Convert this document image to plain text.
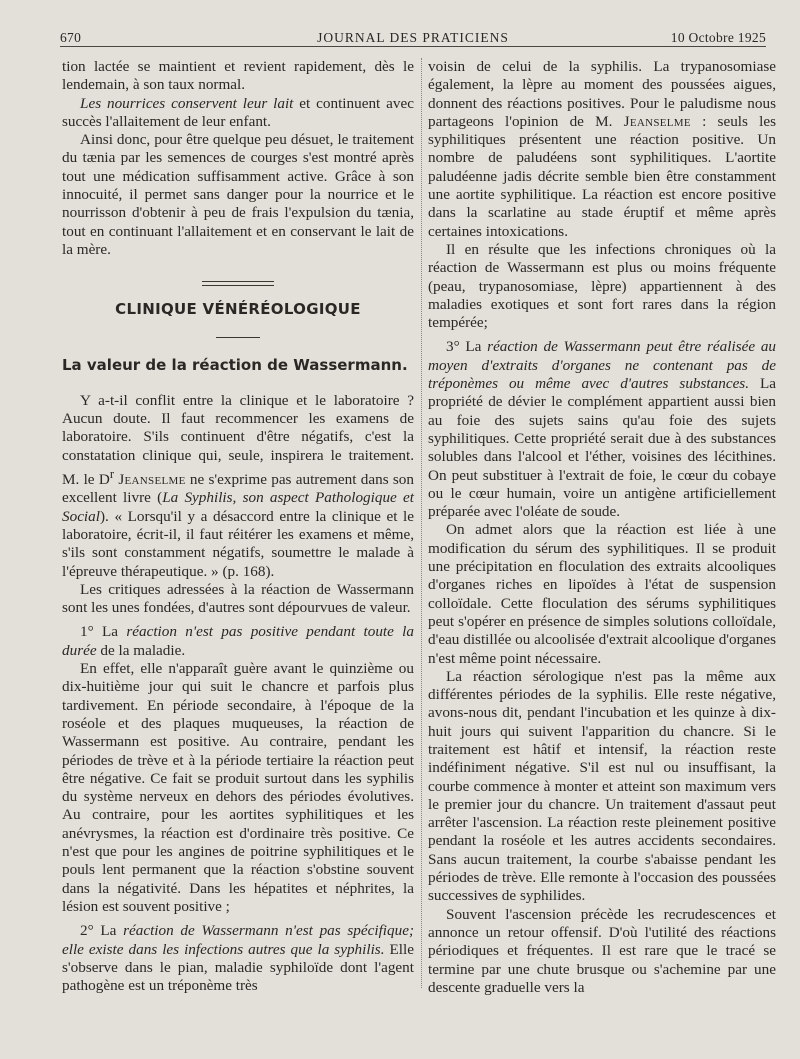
670	JOURNAL DES PRATICIENS	10 Octobre 1925

tion lactée se maintient et revient rapidement, dès le lendemain, à son taux normal.

Les nourrices conservent leur lait et continuent avec succès l'allaitement de leur enfant.

Ainsi donc, pour être quelque peu désuet, le traitement du tænia par les semences de courges s'est montré après tout une médication suffisamment active. Grâce à son innocuité, il permet sans danger pour la nourrice et le nourrisson d'obtenir à peu de frais l'expulsion du tænia, tout en continuant l'allaitement et en conservant le lait de la mère.

CLINIQUE VÉNÉRÉOLOGIQUE
La valeur de la réaction de Wassermann.

Y a-t-il conflit entre la clinique et le laboratoire ? Aucun doute. Il faut recommencer les examens de laboratoire. S'ils continuent d'être négatifs, c'est la constatation clinique qui, seule, inspirera le traitement. M. le $D^r$ Jeanselme ne s'exprime pas autrement dans son excellent livre (La Syphilis, son aspect Pathologique et Social). « Lorsqu'il y a désaccord entre la clinique et le laboratoire, écrit-il, il faut réitérer les examens et même, s'ils sont constamment négatifs, soumettre le malade à l'épreuve thérapeutique. » (p. 168).

Les critiques adressées à la réaction de Wassermann sont les unes fondées, d'autres sont dépourvues de valeur.

1° La réaction n'est pas positive pendant toute la durée de la maladie.

En effet, elle n'apparaît guère avant le quinzième ou dix-huitième jour qui suit le chancre et parfois plus tardivement. En période secondaire, à l'époque de la roséole et des plaques muqueuses, la réaction de Wassermann est positive. Au contraire, pendant les périodes de trève et à la période tertiaire la réaction peut être négative. Ce fait se produit surtout dans les syphilis du système nerveux en dehors des périodes évolutives. Au contraire, pour les aortites syphilitiques et les anévrysmes, la réaction est d'ordinaire très positive. Ce n'est que pour les angines de poitrine syphilitiques et le pouls lent permanent que la réaction s'obstine souvent dans la négativité. Dans les hépatites et néphrites, la lésion est souvent positive ;

2° La réaction de Wassermann n'est pas spécifique; elle existe dans les infections autres que la syphilis. Elle s'observe dans le pian, maladie syphiloïde dont l'agent pathogène est un tréponème très

voisin de celui de la syphilis. La trypanosomiase également, la lèpre au moment des poussées aigues, donnent des réactions positives. Pour le paludisme nous partageons l'opinion de M. Jeanselme : seuls les syphilitiques présentent une réaction positive. Un nombre de paludéens sont syphilitiques. L'aortite paludéenne jadis décrite semble bien être constamment une aortite syphilitique. La réaction est encore positive dans la scarlatine au stade éruptif et même après certaines intoxications.

Il en résulte que les infections chroniques où la réaction de Wassermann est plus ou moins fréquente (peau, trypanosomiase, lèpre) appartiennent à des maladies exotiques et sont fort rares dans la région tempérée;

3° La réaction de Wassermann peut être réalisée au moyen d'extraits d'organes ne contenant pas de tréponèmes ou même avec d'autres substances. La propriété de dévier le complément appartient aussi bien au foie des sujets sains qu'au foie des sujets syphilitiques. Cette propriété serait due à des substances solubles dans l'alcool et l'éther, voisines des lécithines. On peut substituer à l'extrait de foie, le cœur du cobaye ou le cœur humain, voire un antigène artificiellement préparée avec l'oléate de soude.

On admet alors que la réaction est liée à une modification du sérum des syphilitiques. Il se produit une précipitation en floculation des extraits alcooliques d'organes riches en lipoïdes à l'état de suspension colloïdale. Cette floculation des sérums syphilitiques peut s'opérer en présence de simples solutions colloïdale, d'eau distillée ou alcoolisée d'extrait alcoolique d'organes n'est même point nécessaire.

La réaction sérologique n'est pas la même aux différentes périodes de la syphilis. Elle reste négative, avons-nous dit, pendant l'incubation et les quinze à dix-huit jours qui suivent l'apparition du chancre. Si le traitement est hâtif et intensif, la réaction reste indéfiniment négative. S'il est nul ou insuffisant, la courbe commence à monter et atteint son maximum vers le premier jour du chancre. Un traitement d'assaut peut arrêter l'ascension. La réaction reste pleinement positive pendant la roséole et les autres accidents secondaires. Sans aucun traitement, la courbe s'abaisse pendant les périodes de trève. Elle remonte à l'occasion des poussées successives de syphilides.

Souvent l'ascension précède les recrudescences et annonce un retour offensif. D'où l'utilité des réactions périodiques et fréquentes. Il est rare que le tracé se termine par une chute brusque ou s'achemine par une descente graduelle vers la
